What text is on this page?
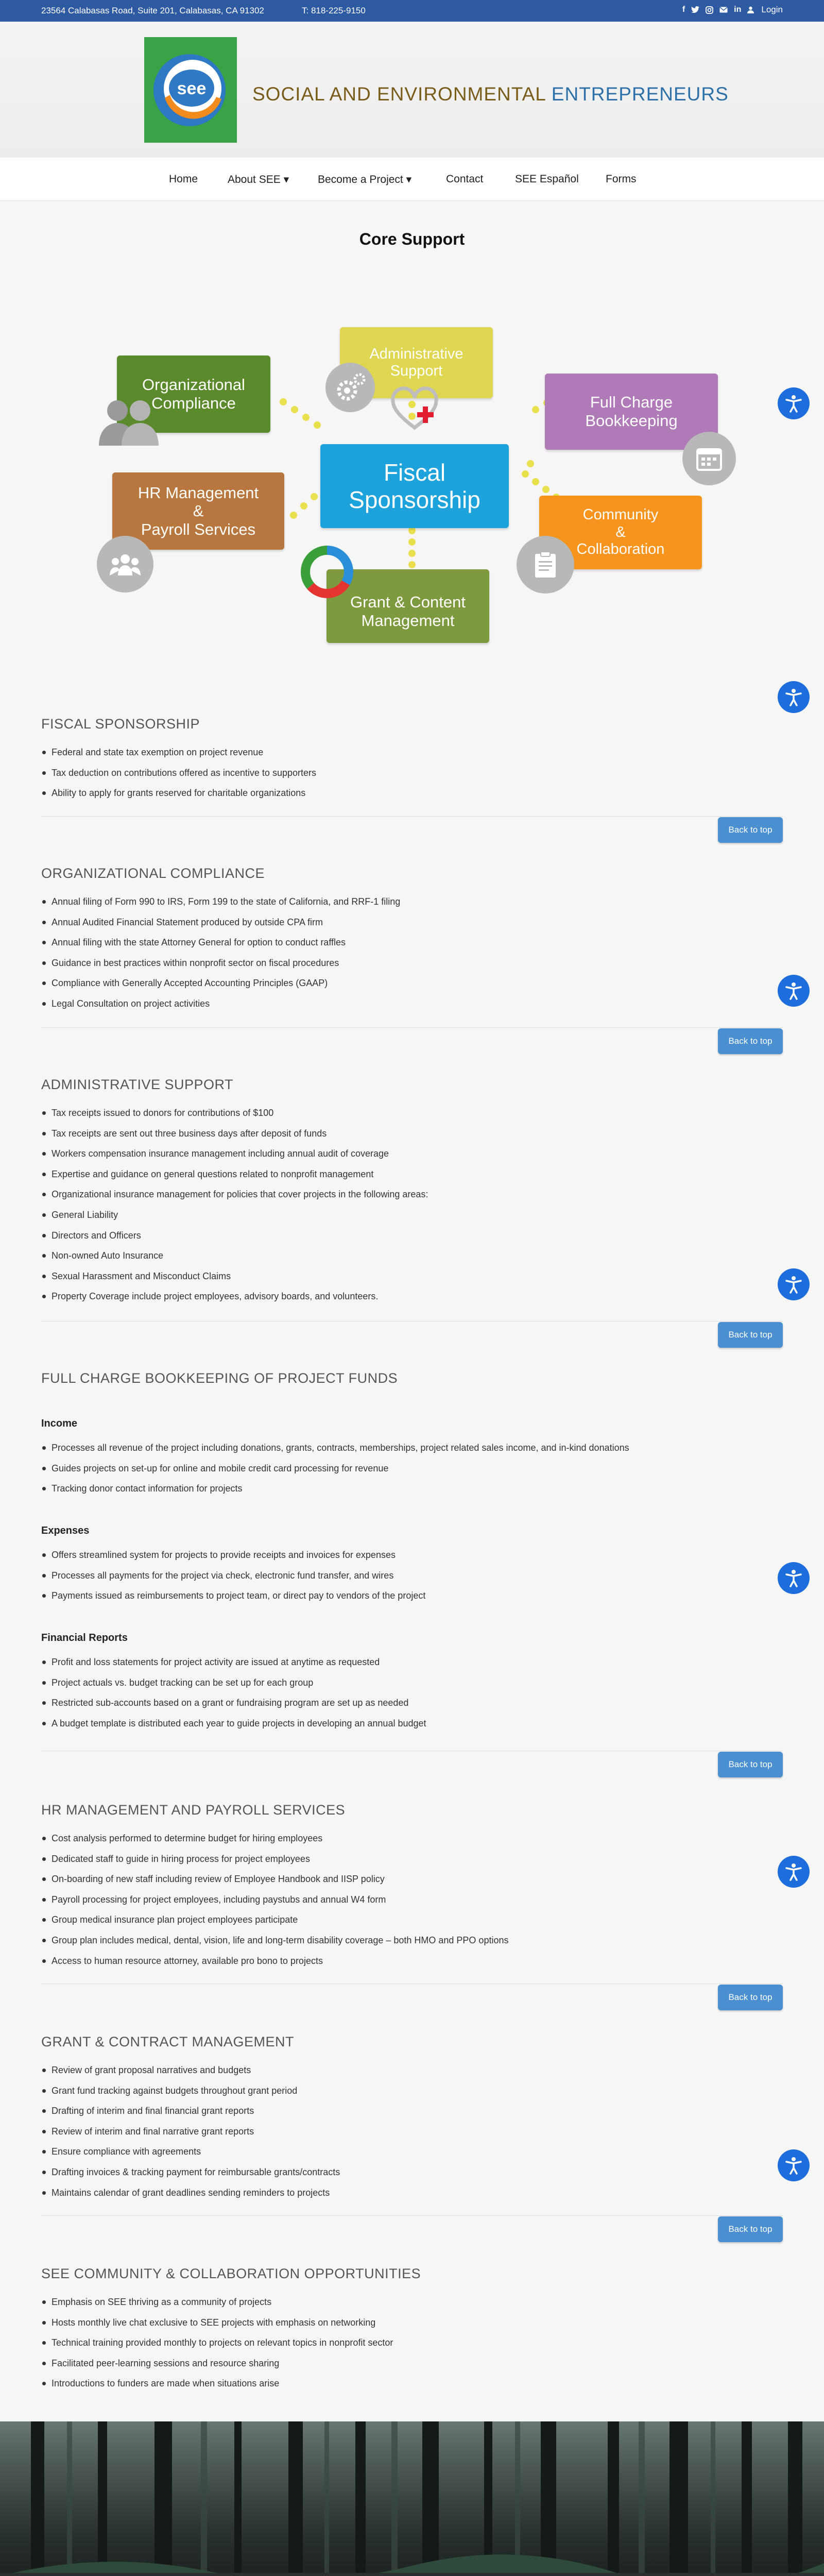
23564 Calabasas Road, Suite 201, Calabasas, CA 91302	T: 818-225-9150	f	in Login
see SOCIAL AND ENVIRONMENTAL ENTREPRENEURS
Home	About SEE ▾	Become a Project ▾	Contact	SEE Español Forms
Core Support
Organizational
Compliance
Administrative
Support
Full Charge
Bookkeeping
Fiscal Sponsorship
HR Management
&
Payroll Services
Community
&
Collaboration
Grant & Content
Management
FISCAL SPONSORSHIP
Federal and state tax exemption on project revenue
Tax deduction on contributions offered as incentive to supporters
Ability to apply for grants reserved for charitable organizations
Back to top
ORGANIZATIONAL COMPLIANCE
Annual filing of Form 990 to IRS, Form 199 to the state of California, and RRF-1 filing
Annual Audited Financial Statement produced by outside CPA firm
Annual filing with the state Attorney General for option to conduct raffles
Guidance in best practices within nonprofit sector on fiscal procedures
Compliance with Generally Accepted Accounting Principles (GAAP)
Legal Consultation on project activities
Back to top
ADMINISTRATIVE SUPPORT
Tax receipts issued to donors for contributions of $100
Tax receipts are sent out three business days after deposit of funds
Workers compensation insurance management including annual audit of coverage
Expertise and guidance on general questions related to nonprofit management
Organizational insurance management for policies that cover projects in the following areas:
General Liability
Directors and Officers
Non-owned Auto Insurance
Sexual Harassment and Misconduct Claims
Property Coverage include project employees, advisory boards, and volunteers.
Back to top
FULL CHARGE BOOKKEEPING OF PROJECT FUNDS
Income
Processes all revenue of the project including donations, grants, contracts, memberships, project related sales income, and in-kind donations
Guides projects on set-up for online and mobile credit card processing for revenue
Tracking donor contact information for projects
Expenses
Offers streamlined system for projects to provide receipts and invoices for expenses
Processes all payments for the project via check, electronic fund transfer, and wires
Payments issued as reimbursements to project team, or direct pay to vendors of the project
Financial Reports
Profit and loss statements for project activity are issued at anytime as requested
Project actuals vs. budget tracking can be set up for each group
Restricted sub-accounts based on a grant or fundraising program are set up as needed
A budget template is distributed each year to guide projects in developing an annual budget
Back to top
HR MANAGEMENT AND PAYROLL SERVICES
Cost analysis performed to determine budget for hiring employees
Dedicated staff to guide in hiring process for project employees
On-boarding of new staff including review of Employee Handbook and IISP policy
Payroll processing for project employees, including paystubs and annual W4 form
Group medical insurance plan project employees participate
Group plan includes medical, dental, vision, life and long-term disability coverage – both HMO and PPO options
Access to human resource attorney, available pro bono to projects
Back to top
GRANT & CONTRACT MANAGEMENT
Review of grant proposal narratives and budgets
Grant fund tracking against budgets throughout grant period
Drafting of interim and final financial grant reports
Review of interim and final narrative grant reports
Ensure compliance with agreements
Drafting invoices & tracking payment for reimbursable grants/contracts
Maintains calendar of grant deadlines sending reminders to projects
Back to top
SEE COMMUNITY & COLLABORATION OPPORTUNITIES
Emphasis on SEE thriving as a community of projects
Hosts monthly live chat exclusive to SEE projects with emphasis on networking
Technical training provided monthly to projects on relevant topics in nonprofit sector
Facilitated peer-learning sessions and resource sharing
Introductions to funders are made when situations arise
